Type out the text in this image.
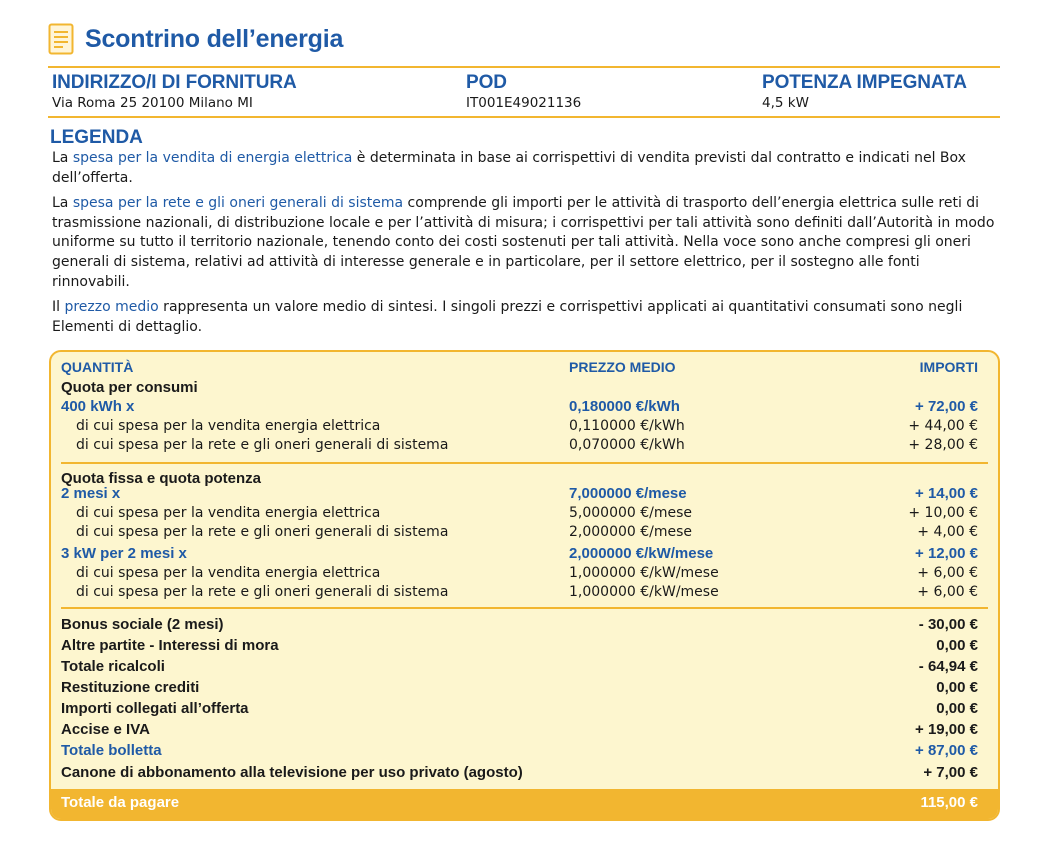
Scontrino dell’energia
INDIRIZZO/I DI FORNITURA
Via Roma 25 20100 Milano MI
POD
IT001E49021136
POTENZA IMPEGNATA
4,5 kW
LEGENDA

La spesa per la vendita di energia elettrica è determinata in base ai corrispettivi di vendita previsti dal contratto e indicati nel Box dell’offerta.

La spesa per la rete e gli oneri generali di sistema comprende gli importi per le attività di trasporto dell’energia elettrica sulle reti di trasmissione nazionali, di distribuzione locale e per l’attività di misura; i corrispettivi per tali attività sono definiti dall’Autorità in modo uniforme su tutto il territorio nazionale, tenendo conto dei costi sostenuti per tali attività. Nella voce sono anche compresi gli oneri generali di sistema, relativi ad attività di interesse generale e in particolare, per il settore elettrico, per il sostegno alle fonti rinnovabili.

Il prezzo medio rappresenta un valore medio di sintesi. I singoli prezzi e corrispettivi applicati ai quantitativi consumati sono negli Elementi di dettaglio.

QUANTITÀ	PREZZO MEDIO	IMPORTI
Quota per consumi
400 kWh x	0,180000 €/kWh	+ 72,00 €
di cui spesa per la vendita energia elettrica	0,110000 €/kWh	+ 44,00 €
di cui spesa per la rete e gli oneri generali di sistema	0,070000 €/kWh	+ 28,00 €
Quota fissa e quota potenza
2 mesi x	7,000000 €/mese	+ 14,00 €
di cui spesa per la vendita energia elettrica	5,000000 €/mese	+ 10,00 €
di cui spesa per la rete e gli oneri generali di sistema	2,000000 €/mese	+ 4,00 €
3 kW per 2 mesi x	2,000000 €/kW/mese	+ 12,00 €
di cui spesa per la vendita energia elettrica	1,000000 €/kW/mese	+ 6,00 €
di cui spesa per la rete e gli oneri generali di sistema	1,000000 €/kW/mese	+ 6,00 €
Bonus sociale (2 mesi)	- 30,00 €
Altre partite - Interessi di mora	0,00 €
Totale ricalcoli	- 64,94 €
Restituzione crediti	0,00 €
Importi collegati all’offerta	0,00 €
Accise e IVA	+ 19,00 €
Totale bolletta	+ 87,00 €
Canone di abbonamento alla televisione per uso privato (agosto)	+ 7,00 €
Totale da pagare	115,00 €
